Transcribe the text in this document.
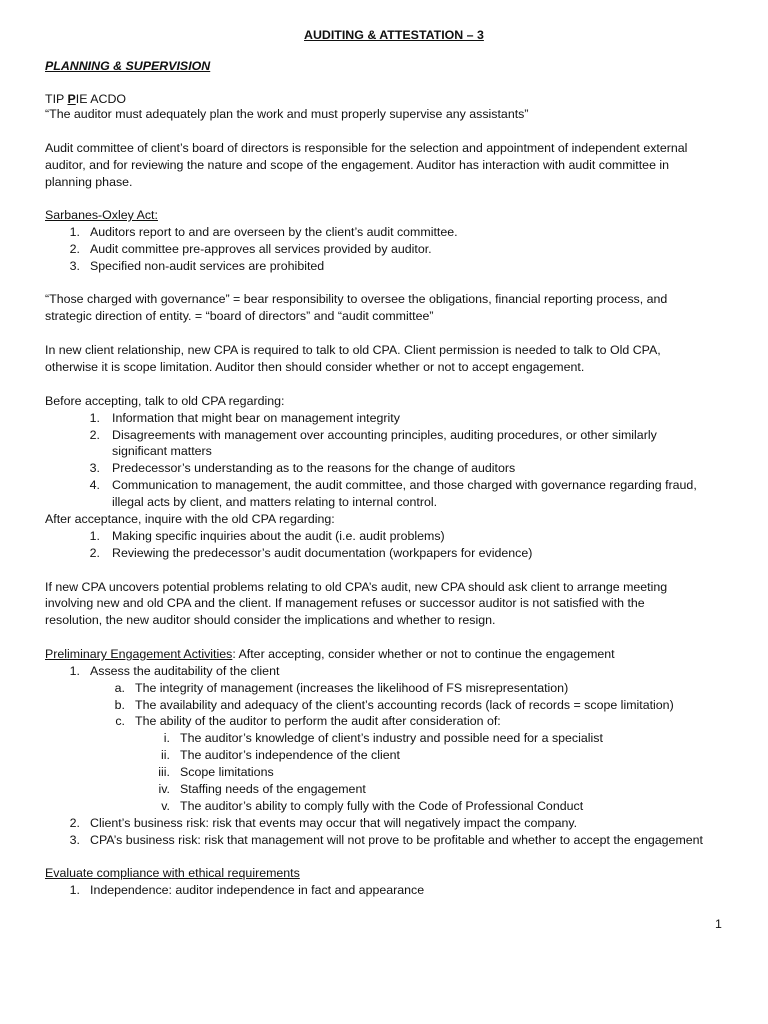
AUDITING & ATTESTATION – 3
PLANNING & SUPERVISION
TIP PIE ACDO
“The auditor must adequately plan the work and must properly supervise any assistants”
Audit committee of client’s board of directors is responsible for the selection and appointment of independent external
auditor, and for reviewing the nature and scope of the engagement. Auditor has interaction with audit committee in
planning phase.
Sarbanes-Oxley Act:
1. Auditors report to and are overseen by the client’s audit committee.
2. Audit committee pre-approves all services provided by auditor.
3. Specified non-audit services are prohibited
“Those charged with governance” = bear responsibility to oversee the obligations, financial reporting process, and
strategic direction of entity. = “board of directors” and “audit committee”
In new client relationship, new CPA is required to talk to old CPA. Client permission is needed to talk to Old CPA,
otherwise it is scope limitation. Auditor then should consider whether or not to accept engagement.
Before accepting, talk to old CPA regarding:
1. Information that might bear on management integrity
2. Disagreements with management over accounting principles, auditing procedures, or other similarly
significant matters
3. Predecessor’s understanding as to the reasons for the change of auditors
4. Communication to management, the audit committee, and those charged with governance regarding fraud,
illegal acts by client, and matters relating to internal control.
After acceptance, inquire with the old CPA regarding:
1. Making specific inquiries about the audit (i.e. audit problems)
2. Reviewing the predecessor’s audit documentation (workpapers for evidence)
If new CPA uncovers potential problems relating to old CPA’s audit, new CPA should ask client to arrange meeting
involving new and old CPA and the client. If management refuses or successor auditor is not satisfied with the
resolution, the new auditor should consider the implications and whether to resign.
Preliminary Engagement Activities: After accepting, consider whether or not to continue the engagement
1. Assess the auditability of the client
a. The integrity of management (increases the likelihood of FS misrepresentation)
b. The availability and adequacy of the client’s accounting records (lack of records = scope limitation)
c. The ability of the auditor to perform the audit after consideration of:
i. The auditor’s knowledge of client’s industry and possible need for a specialist
ii. The auditor’s independence of the client
iii. Scope limitations
iv. Staffing needs of the engagement
v. The auditor’s ability to comply fully with the Code of Professional Conduct
2. Client’s business risk: risk that events may occur that will negatively impact the company.
3. CPA’s business risk: risk that management will not prove to be profitable and whether to accept the engagement
Evaluate compliance with ethical requirements
1. Independence: auditor independence in fact and appearance
1
